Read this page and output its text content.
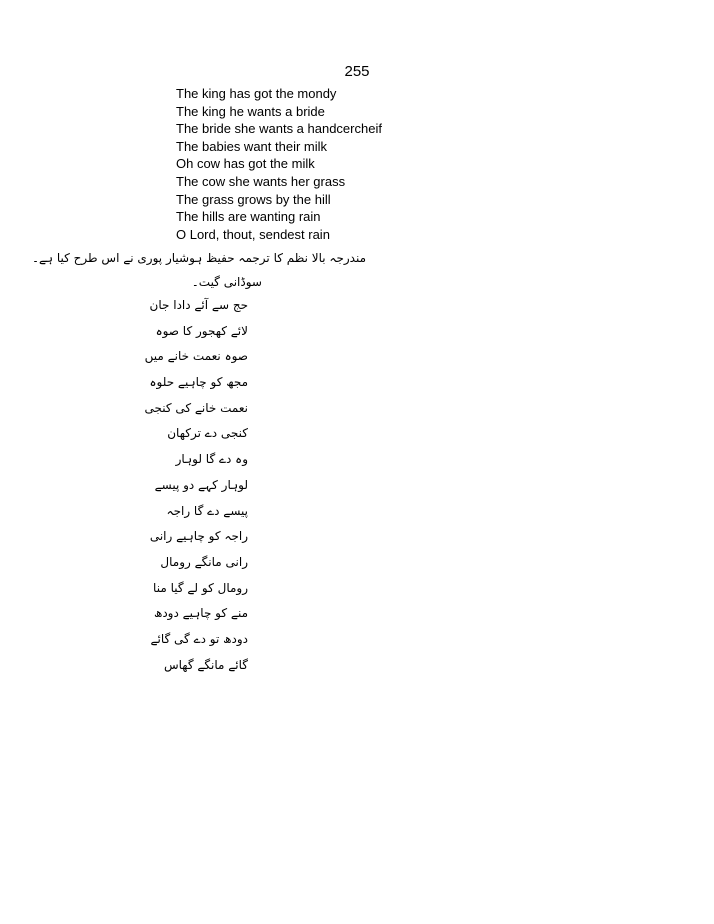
255
The king has got the mondy
The king he wants a bride
The bride she wants a handcercheif
The babies want their milk
Oh cow has got the milk
The cow she wants her grass
The grass grows by the hill
The hills are wanting rain
O Lord, thout, sendest rain
مندرجہ بالا نظم کا ترجمہ حفیظ ہوشیار پوری نے اس طرح کیا ہے۔
سوڈانی گیت۔
حج سے آئے دادا جان
لائے کھجور کا صوہ
صوہ نعمت خانے میں
مجھ کو چاہیے حلوہ
نعمت خانے کی کنجی
کنجی دے ترکھان
وہ دے گا لوہار
لوہار کہے دو پیسے
پیسے دے گا راجہ
راجہ کو چاہیے رانی
رانی مانگے رومال
رومال کو لے گیا منا
منے کو چاہیے دودھ
دودھ تو دے گی گائے
گائے مانگے گھاس
